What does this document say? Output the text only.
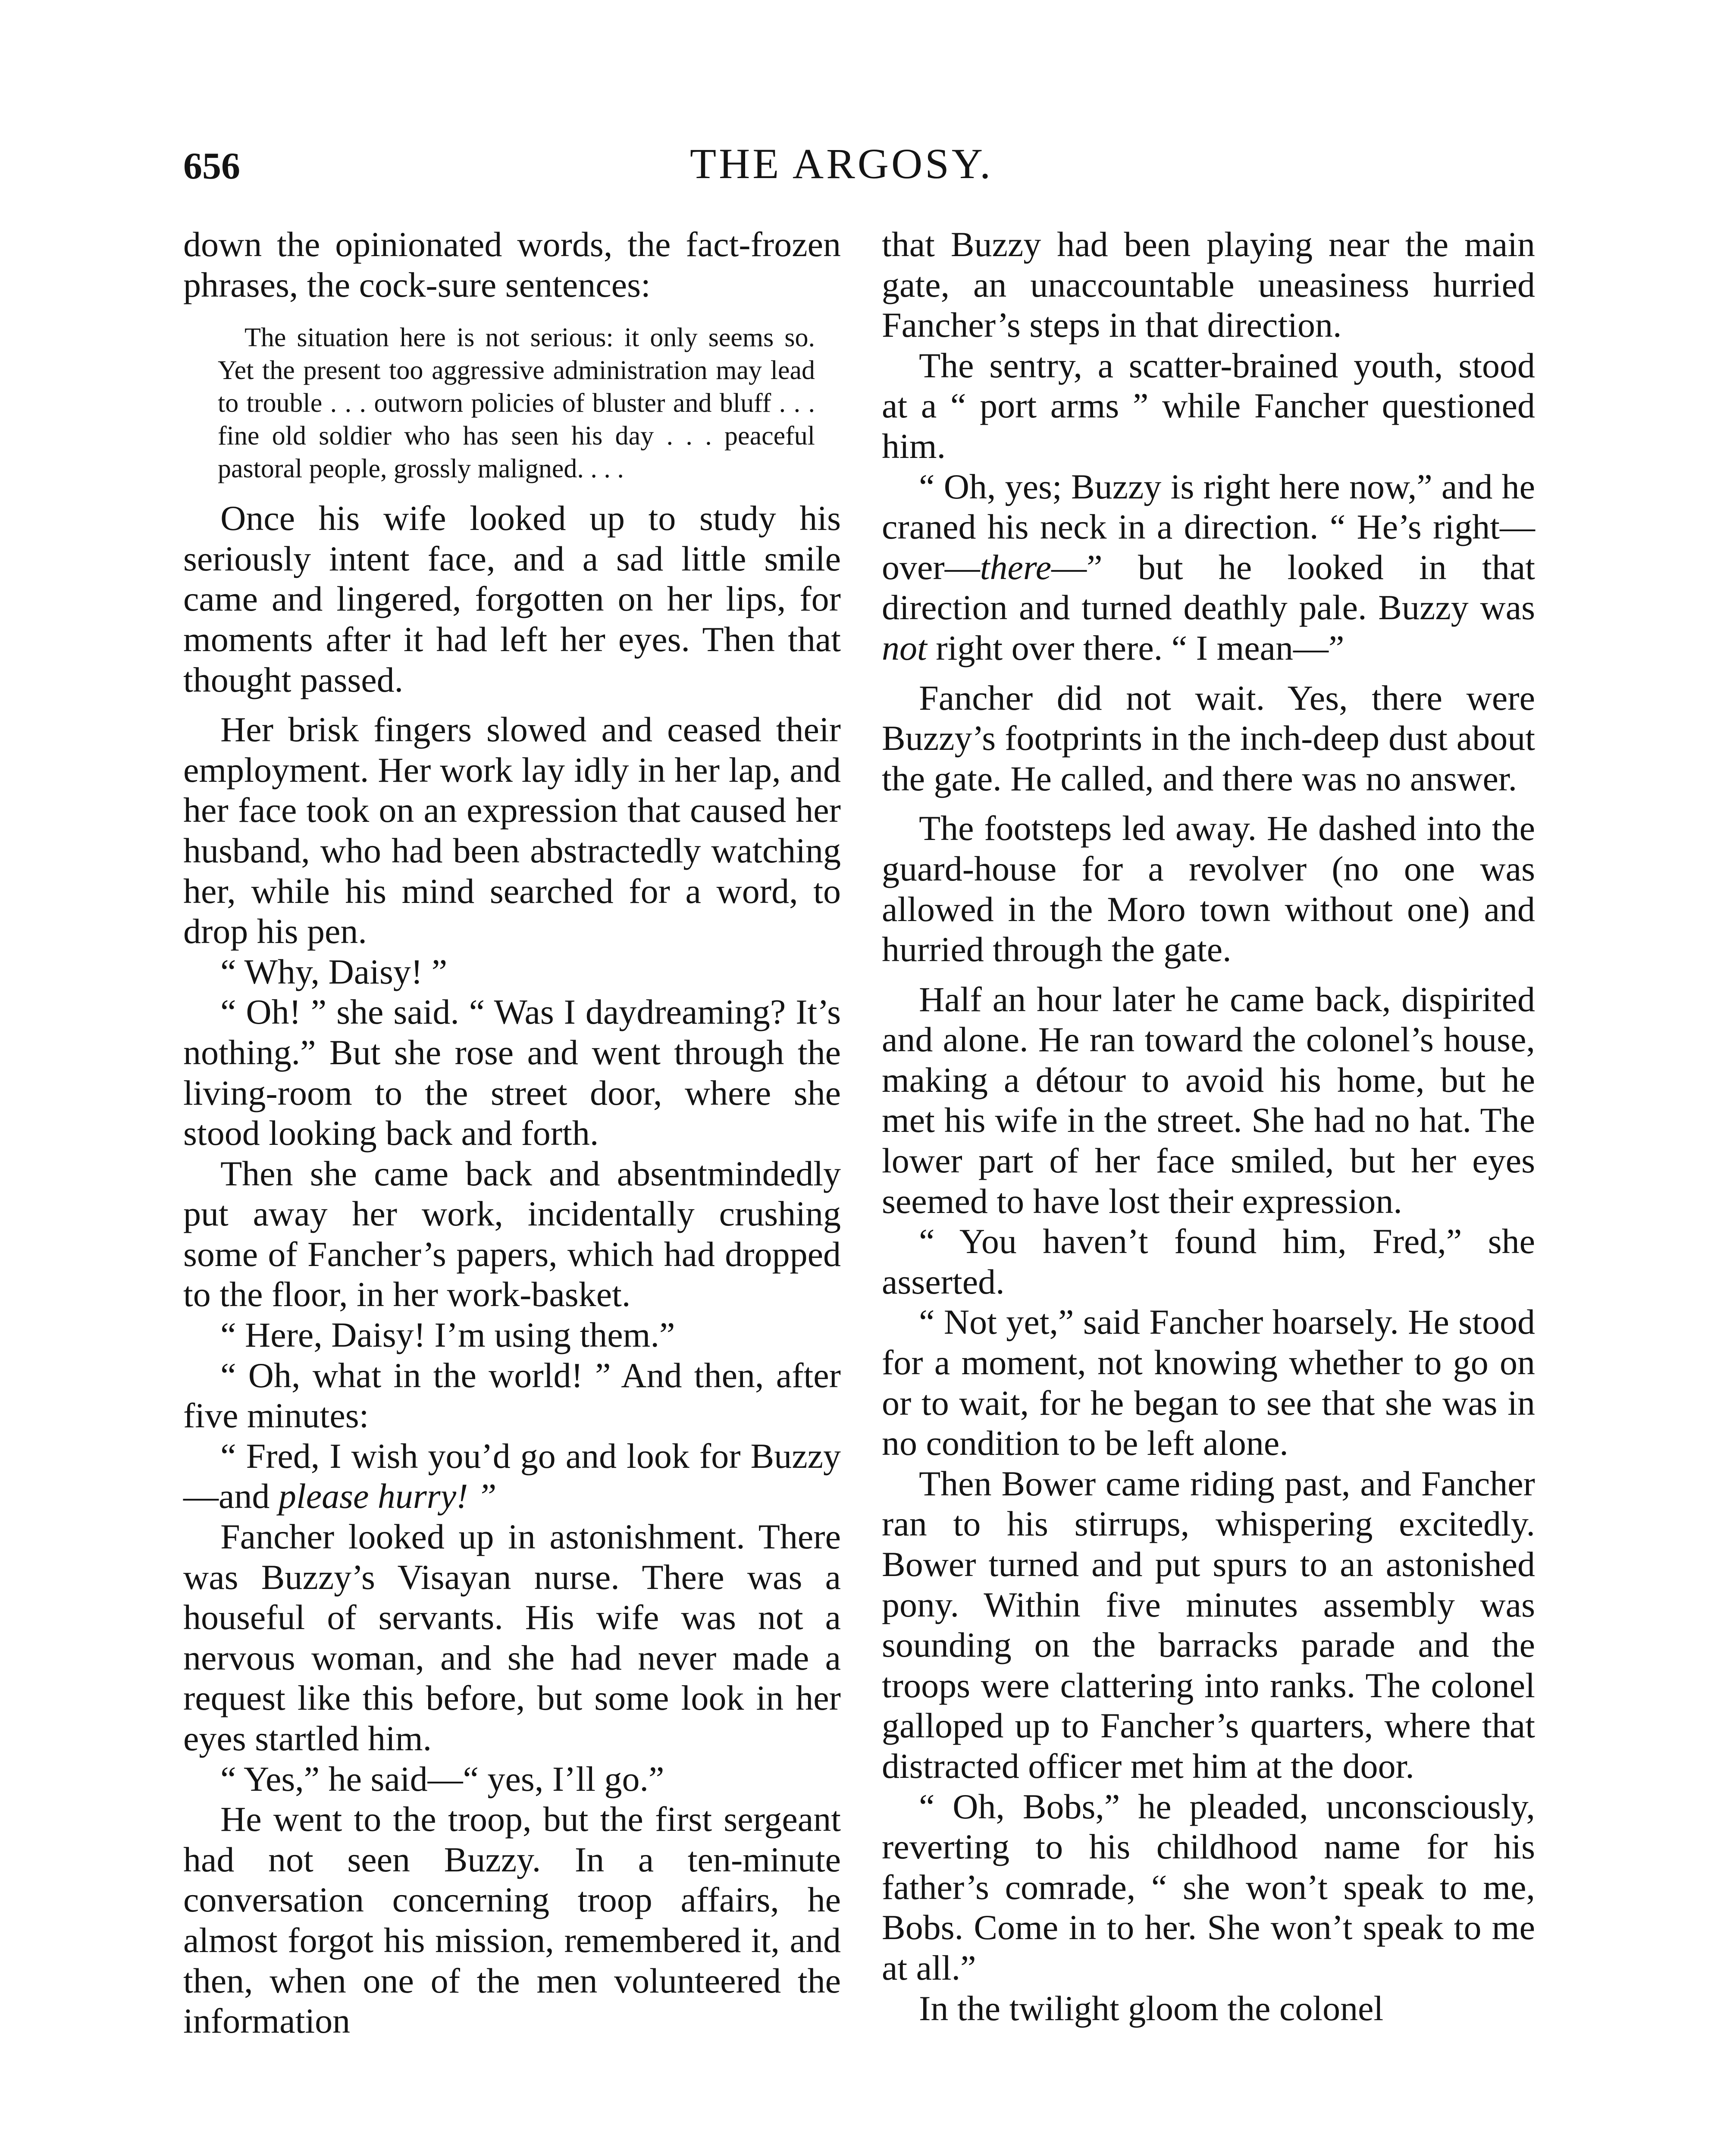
656	THE ARGOSY.

down the opinionated words, the fact-frozen phrases, the cock-sure sentences:

The situation here is not serious: it only seems so. Yet the present too aggressive administration may lead to trouble . . . outworn policies of bluster and bluff . . . fine old soldier who has seen his day . . . peaceful pastoral people, grossly maligned. . . .

Once his wife looked up to study his seriously intent face, and a sad little smile came and lingered, forgotten on her lips, for moments after it had left her eyes. Then that thought passed.

Her brisk fingers slowed and ceased their employment. Her work lay idly in her lap, and her face took on an expression that caused her husband, who had been abstractedly watching her, while his mind searched for a word, to drop his pen.

“ Why, Daisy! ”

“ Oh! ” she said. “ Was I daydreaming? It’s nothing.” But she rose and went through the living-room to the street door, where she stood looking back and forth.

Then she came back and absentmindedly put away her work, incidentally crushing some of Fancher’s papers, which had dropped to the floor, in her work-basket.

“ Here, Daisy! I’m using them.”

“ Oh, what in the world! ” And then, after five minutes:

“ Fred, I wish you’d go and look for Buzzy—and please hurry! ”

Fancher looked up in astonishment. There was Buzzy’s Visayan nurse. There was a houseful of servants. His wife was not a nervous woman, and she had never made a request like this before, but some look in her eyes startled him.

“ Yes,” he said—“ yes, I’ll go.”

He went to the troop, but the first sergeant had not seen Buzzy. In a ten-minute conversation concerning troop affairs, he almost forgot his mission, remembered it, and then, when one of the men volunteered the information

that Buzzy had been playing near the main gate, an unaccountable uneasiness hurried Fancher’s steps in that direction.

The sentry, a scatter-brained youth, stood at a “ port arms ” while Fancher questioned him.

“ Oh, yes; Buzzy is right here now,” and he craned his neck in a direction. “ He’s right—over—there—” but he looked in that direction and turned deathly pale. Buzzy was not right over there. “ I mean—”

Fancher did not wait. Yes, there were Buzzy’s footprints in the inch-deep dust about the gate. He called, and there was no answer.

The footsteps led away. He dashed into the guard-house for a revolver (no one was allowed in the Moro town without one) and hurried through the gate.

Half an hour later he came back, dispirited and alone. He ran toward the colonel’s house, making a détour to avoid his home, but he met his wife in the street. She had no hat. The lower part of her face smiled, but her eyes seemed to have lost their expression.

“ You haven’t found him, Fred,” she asserted.

“ Not yet,” said Fancher hoarsely. He stood for a moment, not knowing whether to go on or to wait, for he began to see that she was in no condition to be left alone.

Then Bower came riding past, and Fancher ran to his stirrups, whispering excitedly. Bower turned and put spurs to an astonished pony. Within five minutes assembly was sounding on the barracks parade and the troops were clattering into ranks. The colonel galloped up to Fancher’s quarters, where that distracted officer met him at the door.

“ Oh, Bobs,” he pleaded, unconsciously, reverting to his childhood name for his father’s comrade, “ she won’t speak to me, Bobs. Come in to her. She won’t speak to me at all.”

In the twilight gloom the colonel
